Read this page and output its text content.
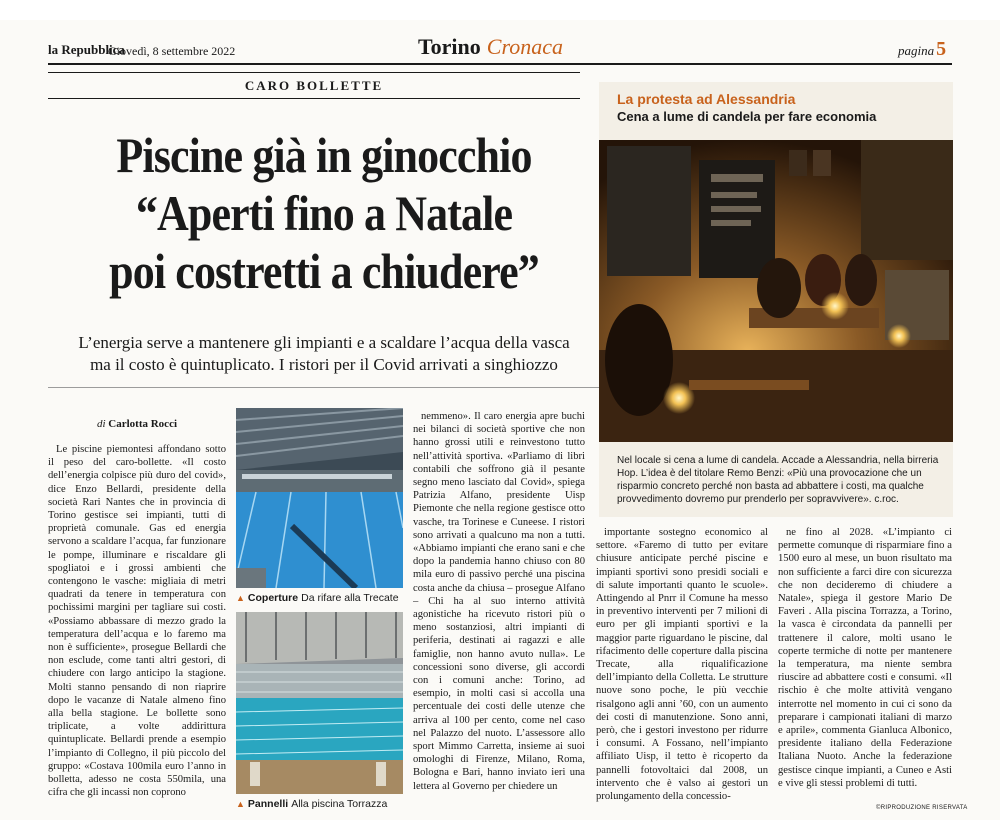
la Repubblica
Giovedì, 8 settembre 2022	Torino Cronaca	pagina 5
CARO BOLLETTE
Piscine già in ginocchio
“Aperti fino a Natale
poi costretti a chiudere”
L’energia serve a mantenere gli impianti e a scaldare l’acqua della vasca
ma il costo è quintuplicato. I ristori per il Covid arrivati a singhiozzo
La protesta ad Alessandria
Cena a lume di candela per fare economia
Nel locale si cena a lume di candela. Accade a Alessandria, nella birreria Hop. L’idea è del titolare Remo Benzi: «Più una provocazione che un risparmio concreto perché non basta ad abbattere i costi, ma qualche provvedimento dovremo pur prenderlo per sopravvivere». c.roc.
di Carlotta Rocci

Le piscine piemontesi affondano sotto il peso del caro-bollette. «Il costo dell’energia colpisce più duro del covid», dice Enzo Bellardi, presidente della società Rari Nantes che in provincia di Torino gestisce sei impianti, tutti di proprietà comunale. Gas ed energia servono a scaldare l’acqua, far funzionare le pompe, illuminare e riscaldare gli spogliatoi e i grossi ambienti che contengono le vasche: migliaia di metri quadrati da tenere in temperatura con pochissimi margini per tagliare sui costi. «Possiamo abbassare di mezzo grado la temperatura dell’acqua e lo faremo ma non è sufficiente», prosegue Bellardi che non esclude, come tanti altri gestori, di chiudere con largo anticipo la stagione. Molti stanno pensando di non riaprire dopo le vacanze di Natale almeno fino alla bella stagione. Le bollette sono triplicate, a volte addirittura quintuplicate. Bellardi prende a esempio l’impianto di Collegno, il più piccolo del gruppo: «Costava 100mila euro l’anno in bolletta, adesso ne costa 550mila, una cifra che gli incassi non coprono

nemmeno». Il caro energia apre buchi nei bilanci di società sportive che non hanno grossi utili e reinvestono tutto nell’attività sportiva. «Parliamo di libri contabili che soffrono già il pesante segno meno lasciato dal Covid», spiega Patrizia Alfano, presidente Uisp Piemonte che nella regione gestisce otto vasche, tra Torinese e Cuneese. I ristori sono arrivati a qualcuno ma non a tutti. «Abbiamo impianti che erano sani e che dopo la pandemia hanno chiuso con 80 mila euro di passivo perché una piscina costa anche da chiusa – prosegue Alfano – Chi ha al suo interno attività agonistiche ha ricevuto ristori più o meno sostanziosi, altri impianti di periferia, destinati ai ragazzi e alle famiglie, non hanno avuto nulla». Le concessioni sono diverse, gli accordi con i comuni anche: Torino, ad esempio, in molti casi si accolla una percentuale dei costi delle utenze che arriva al 100 per cento, come nel caso nel Palazzo del nuoto. L’assessore allo sport Mimmo Carretta, insieme ai suoi omologhi di Firenze, Milano, Roma, Bologna e Bari, hanno inviato ieri una lettera al Governo per chiedere un

importante sostegno economico al settore. «Faremo di tutto per evitare chiusure anticipate perché piscine e impianti sportivi sono presidi sociali e di salute importanti quanto le scuole». Attingendo al Pnrr il Comune ha messo in preventivo interventi per 7 milioni di euro per gli impianti sportivi e la maggior parte riguardano le piscine, dal rifacimento delle coperture dalla piscina Trecate, alla riqualificazione dell’impianto della Colletta. Le strutture nuove sono poche, le più vecchie risalgono agli anni ’60, con un aumento dei costi di manutenzione. Sono anni, però, che i gestori investono per ridurre i consumi. A Fossano, nell’impianto affiliato Uisp, il tetto è ricoperto da pannelli fotovoltaici dal 2008, un intervento che è valso ai gestori un prolungamento della concessio-

ne fino al 2028. «L’impianto ci permette comunque di risparmiare fino a 1500 euro al mese, un buon risultato ma non sufficiente a farci dire con sicurezza che non decideremo di chiudere a Natale», spiega il gestore Mario De Faveri . Alla piscina Torrazza, a Torino, la vasca è circondata da pannelli per trattenere il calore, molti usano le coperte termiche di notte per mantenere la temperatura, ma niente sembra riuscire ad abbattere costi e consumi. «Il rischio è che molte attività vengano interrotte nel momento in cui ci sono da preparare i campionati italiani di marzo e aprile», commenta Gianluca Albonico, presidente italiano della Federazione Italiana Nuoto. Anche la federazione gestisce cinque impianti, a Cuneo e Asti e vive gli stessi problemi di tutti.

▲ Coperture Da rifare alla Trecate
▲ Pannelli Alla piscina Torrazza	©RIPRODUZIONE RISERVATA
